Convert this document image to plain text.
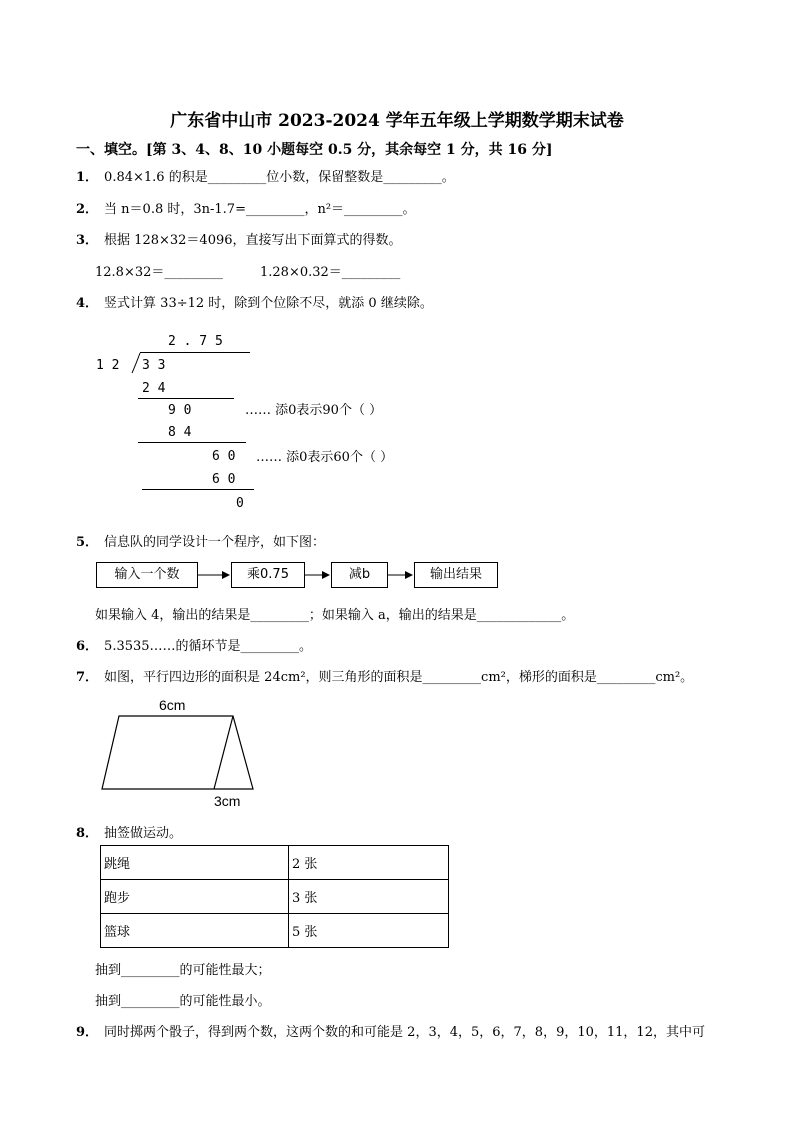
广东省中山市 2023-2024 学年五年级上学期数学期末试卷
一、填空。[第 3、4、8、10 小题每空 0.5 分，其余每空 1 分，共 16 分]
1． 0.84×1.6 的积是_________位小数，保留整数是_________。
2． 当 n＝0.8 时，3n-1.7=_________，n²＝_________。
3． 根据 128×32＝4096，直接写出下面算式的得数。
12.8×32＝_________	1.28×0.32＝_________
4． 竖式计算 33÷12 时，除到个位除不尽，就添 0 继续除。
2 . 7 5
1 2 3 3
2 4
9 0	…… 添0表示90个（ ）
8 4
6 0 …… 添0表示60个（ ）
6 0
0
5． 信息队的同学设计一个程序，如下图：
输入一个数	乘0.75	减b	输出结果
如果输入 4，输出的结果是_________；如果输入 a，输出的结果是_____________。
6． 5.3535……的循环节是_________。
7． 如图，平行四边形的面积是 24cm²，则三角形的面积是_________cm²，梯形的面积是_________cm²。
6cm
3cm
8． 抽签做运动。
跳绳	2 张
跑步	3 张
篮球	5 张
抽到_________的可能性最大；
抽到_________的可能性最小。
9． 同时掷两个骰子，得到两个数，这两个数的和可能是 2，3，4，5，6，7，8，9，10，11，12，其中可
